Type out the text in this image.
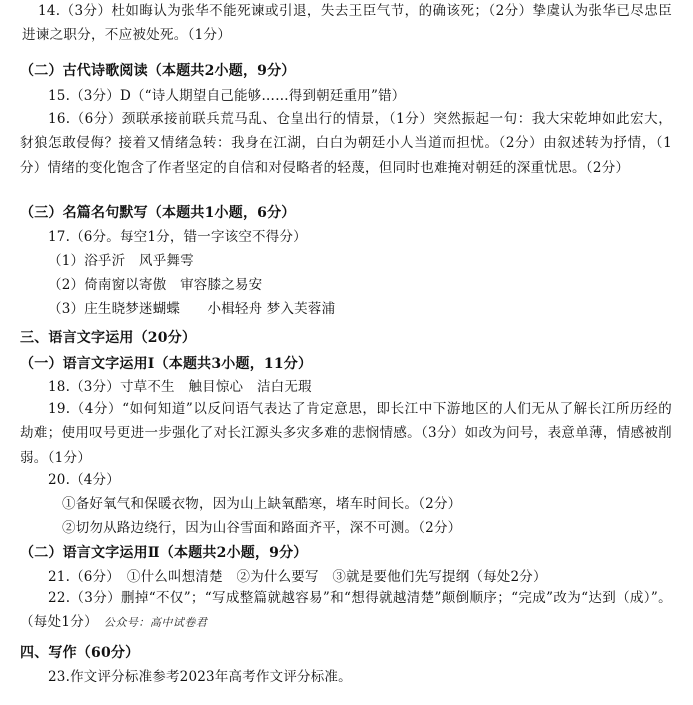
14.（3分）杜如晦认为张华不能死谏或引退，失去王臣气节，的确该死；（2分）挚虞认为张华已尽忠臣进谏之职分，不应被处死。（1分）
（二）古代诗歌阅读（本题共2小题，9分）
15.（3分）D（“诗人期望自己能够……得到朝廷重用”错）
16.（6分）颈联承接前联兵荒马乱、仓皇出行的情景，（1分）突然振起一句：我大宋乾坤如此宏大，豺狼怎敢侵侮？接着又情绪急转：我身在江湖，白白为朝廷小人当道而担忧。（2分）由叙述转为抒情，（1分）情绪的变化饱含了作者坚定的自信和对侵略者的轻蔑，但同时也难掩对朝廷的深重忧思。（2分）
（三）名篇名句默写（本题共1小题，6分）
17.（6分。每空1分，错一字该空不得分）
（1）浴乎沂　风乎舞雩
（2）倚南窗以寄傲　审容膝之易安
（3）庄生晓梦迷蝴蝶　　小楫轻舟 梦入芙蓉浦
三、语言文字运用（20分）
（一）语言文字运用Ⅰ（本题共3小题，11分）
18.（3分）寸草不生　触目惊心　洁白无瑕
19.（4分）“如何知道”以反问语气表达了肯定意思，即长江中下游地区的人们无从了解长江所历经的劫难；使用叹号更进一步强化了对长江源头多灾多难的悲悯情感。（3分）如改为问号，表意单薄，情感被削弱。（1分）
20.（4分）
①备好氧气和保暖衣物，因为山上缺氧酷寒，堵车时间长。（2分）
②切勿从路边绕行，因为山谷雪面和路面齐平，深不可测。（2分）
（二）语言文字运用Ⅱ（本题共2小题，9分）
21.（6分）　①什么叫想清楚　②为什么要写　③就是要他们先写提纲（每处2分）
22.（3分）删掉“不仅”；“写成整篇就越容易”和“想得就越清楚”颠倒顺序；“完成”改为“达到（成）”。（每处1分） 公众号：高中试卷君
四、写作（60分）
23.作文评分标准参考2023年高考作文评分标准。
